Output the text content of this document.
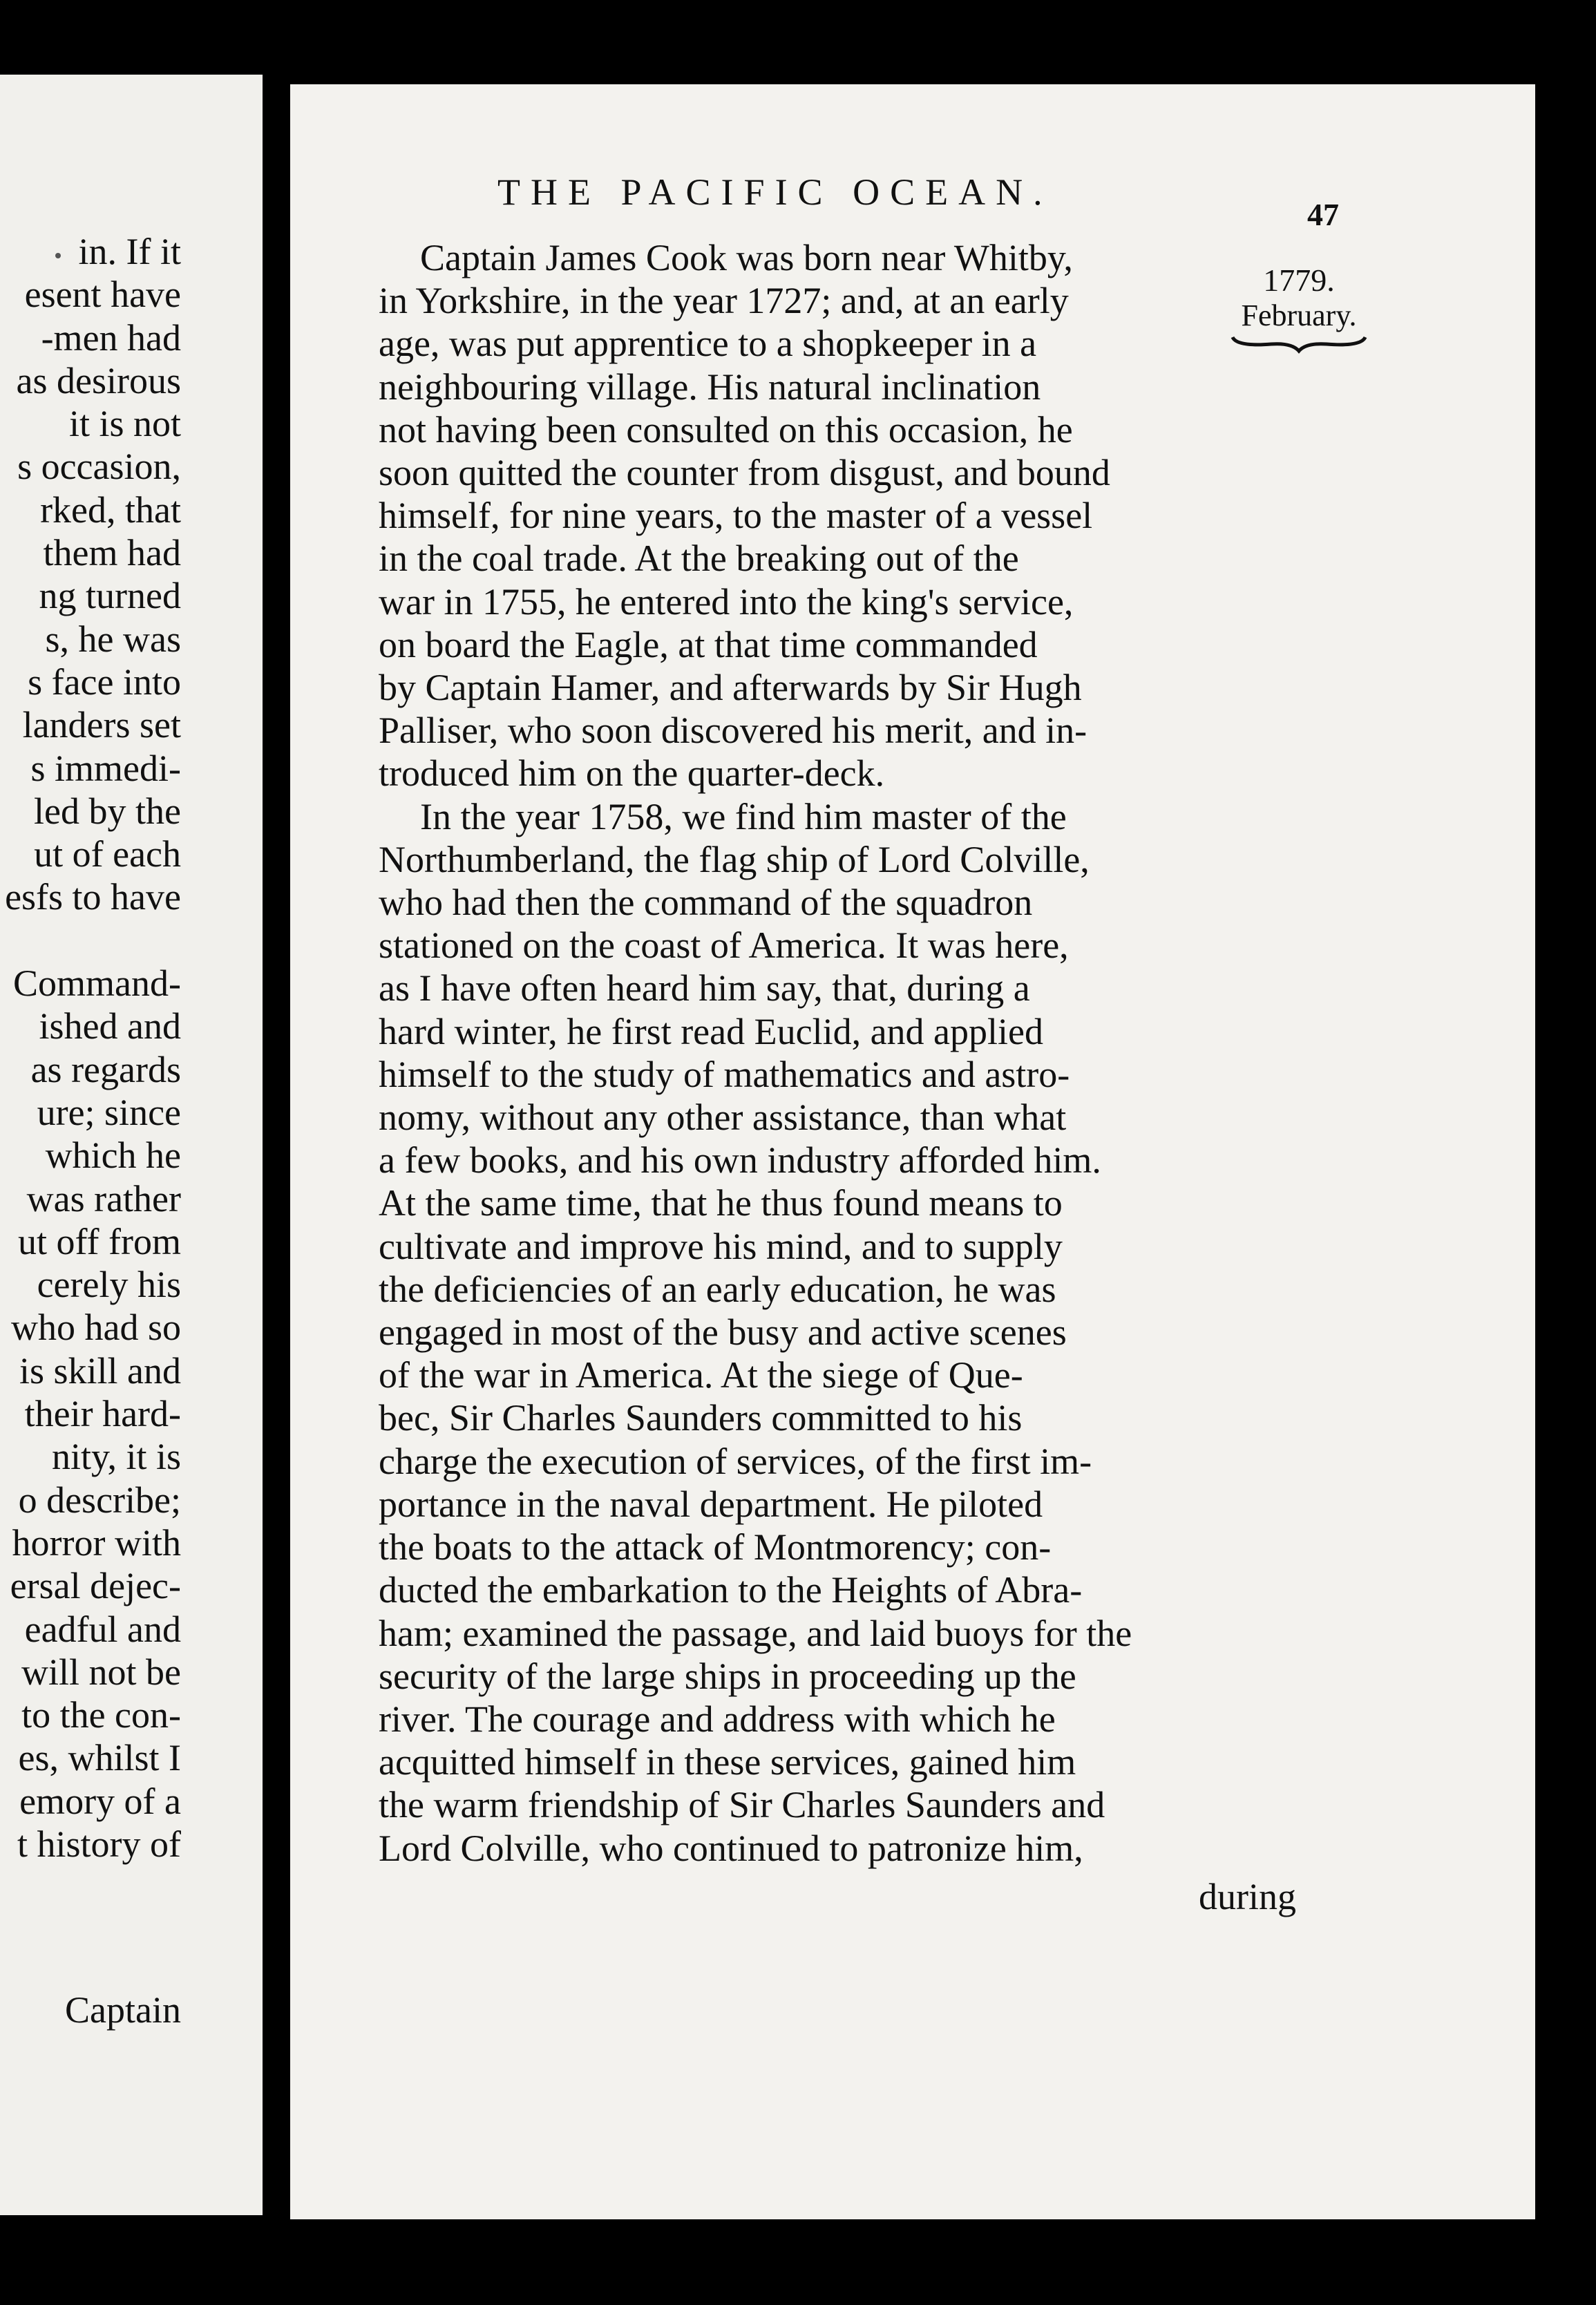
in. If it
esent have
-men had
as desirous
it is not
s occasion,
rked, that
them had
ng turned
s, he was
s face into
landers set
s immedi-
led by the
ut of each
esfs to have

Command-
ished and
as regards
ure; since
which he
was rather
ut off from
cerely his
who had so
is skill and
their hard-
nity, it is
o describe;
horror with
ersal dejec-
eadful and
will not be
to the con-
es, whilst I
emory of a
t history of
Captain
THE PACIFIC OCEAN.
47
1779.
February.
Captain James Cook was born near Whitby,
in Yorkshire, in the year 1727; and, at an early
age, was put apprentice to a shopkeeper in a
neighbouring village. His natural inclination
not having been consulted on this occasion, he
soon quitted the counter from disgust, and bound
himself, for nine years, to the master of a vessel
in the coal trade. At the breaking out of the
war in 1755, he entered into the king's service,
on board the Eagle, at that time commanded
by Captain Hamer, and afterwards by Sir Hugh
Palliser, who soon discovered his merit, and in-
troduced him on the quarter-deck.
In the year 1758, we find him master of the
Northumberland, the flag ship of Lord Colville,
who had then the command of the squadron
stationed on the coast of America. It was here,
as I have often heard him say, that, during a
hard winter, he first read Euclid, and applied
himself to the study of mathematics and astro-
nomy, without any other assistance, than what
a few books, and his own industry afforded him.
At the same time, that he thus found means to
cultivate and improve his mind, and to supply
the deficiencies of an early education, he was
engaged in most of the busy and active scenes
of the war in America. At the siege of Que-
bec, Sir Charles Saunders committed to his
charge the execution of services, of the first im-
portance in the naval department. He piloted
the boats to the attack of Montmorency; con-
ducted the embarkation to the Heights of Abra-
ham; examined the passage, and laid buoys for the
security of the large ships in proceeding up the
river. The courage and address with which he
acquitted himself in these services, gained him
the warm friendship of Sir Charles Saunders and
Lord Colville, who continued to patronize him,
during
